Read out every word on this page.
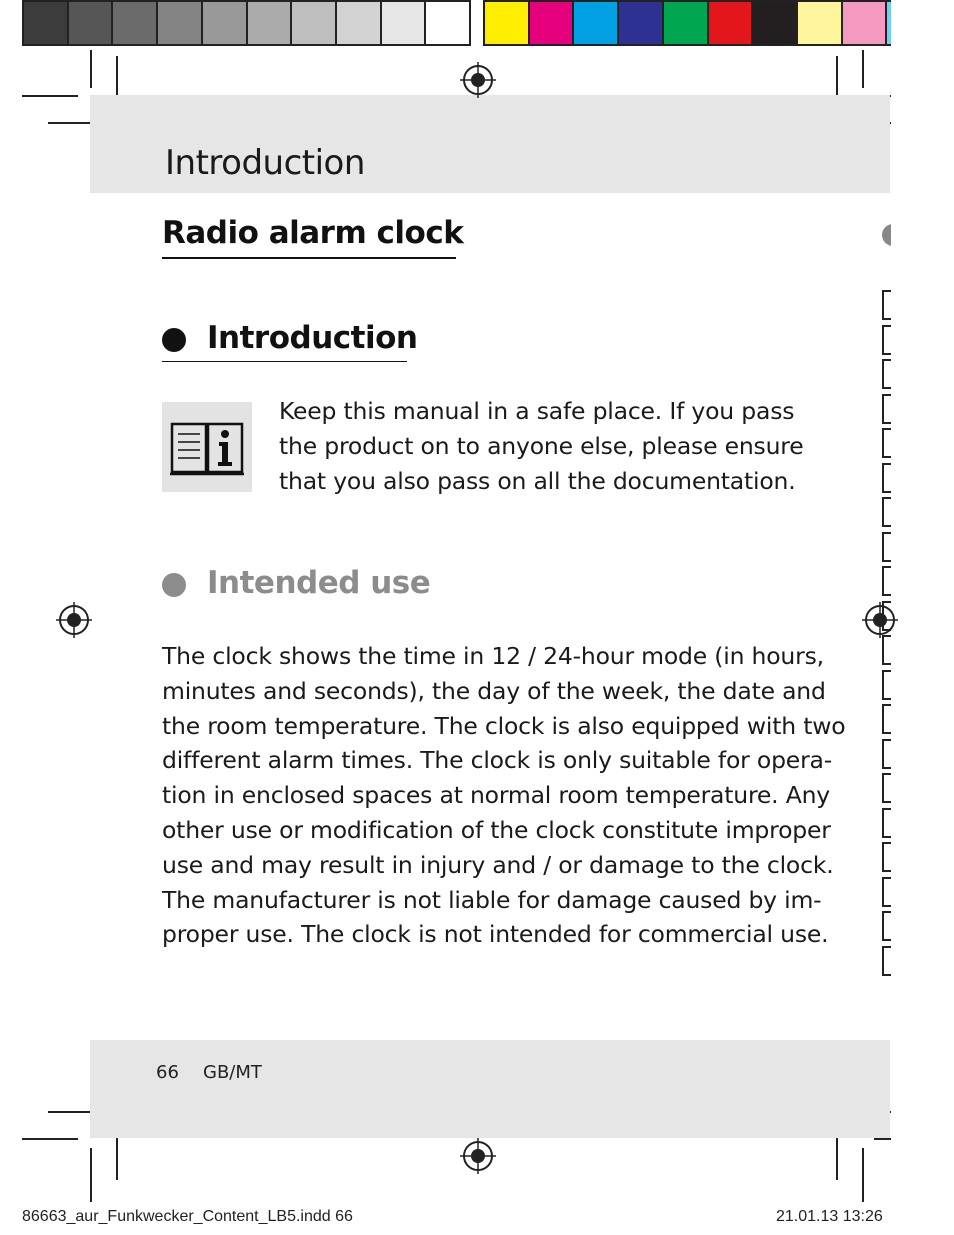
Introduction
Radio alarm clock
Introduction
Keep this manual in a safe place. If you pass
the product on to anyone else, please ensure
that you also pass on all the documentation.
Intended use
The clock shows the time in 12 / 24-hour mode (in hours,
minutes and seconds), the day of the week, the date and
the room temperature. The clock is also equipped with two
different alarm times. The clock is only suitable for opera-
tion in enclosed spaces at normal room temperature. Any
other use or modification of the clock constitute improper
use and may result in injury and / or damage to the clock.
The manufacturer is not liable for damage caused by im-
proper use. The clock is not intended for commercial use.
66 GB/MT
86663_aur_Funkwecker_Content_LB5.indd 66	21.01.13 13:26
